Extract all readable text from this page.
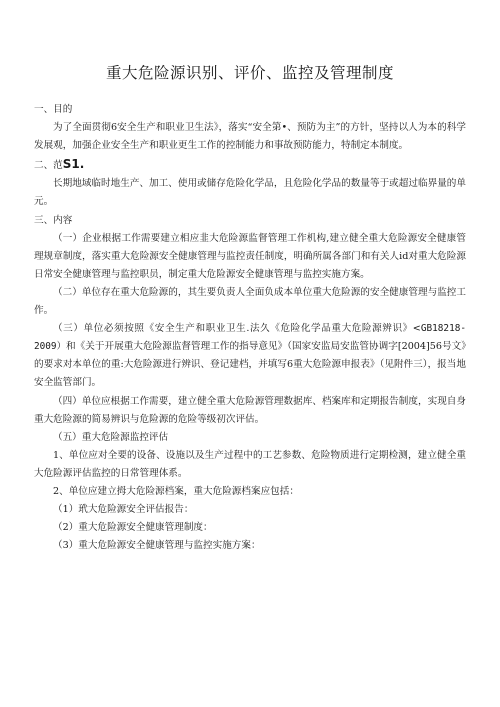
重大危险源识别、评价、监控及管理制度

一、目的

为了全面贯彻6安全生产和职业卫生法》，落实“安全第•、预防为主”的方针，坚持以人为本的科学发展观，加强企业安全生产和职业更生工作的控制能力和事故预防能力，特制定本制度。

二、范S1.

长期地域临时地生产、加工、使用或储存危险化学品，且危险化学品的数量等于或超过临界量的单元。

三、内容

（一）企业根据工作需要建立相应韭大危险源监督管理工作机构,建立健全重大危险源安全健康管理规章制度，落实重大危险源安全健康管理与监控责任制度，明确所属各部门和有关人id对重大危险源日常安全健康管理与监控职员，制定重大危险源安全健康管理与监控实施方案。

（二）单位存在重大危险源的，其生要负责人全面负成本单位重大危险源的安全健康管理与监控工作。

（三）单位必须按照《安全生产和职业卫生.法久《危险化学品重大危险源辨识》<GB18218-2009）和《关于开展重大危险源监督管理工作的指导意见》（国家安监局安监管协调字[2004]56号文》的要求对本单位的重:大危险源进行辨识、登记建档，并填写6重大危险源申报表》（见附件三），报当地安全监管部门。

（四）单位应根据工作需要，建立健全重大危险源管理数据库、档案库和定期报告制度，实现自身重大危险源的简易辨识与危险源的危险等级初次评估。

（五）重大危险源监控评估

1、单位应对全要的设备、设施以及生产过程中的工艺参数、危险物质进行定期检测，建立健全重大危险源评估监控的日常管理体系。

2、单位应建立拇大危险源档案，重大危险源档案应包括：

（1）玳大危险源安全评估报告：

（2）重大危险源安全健康管理制度：

（3）重大危险源安全健康管理与监控实施方案：
